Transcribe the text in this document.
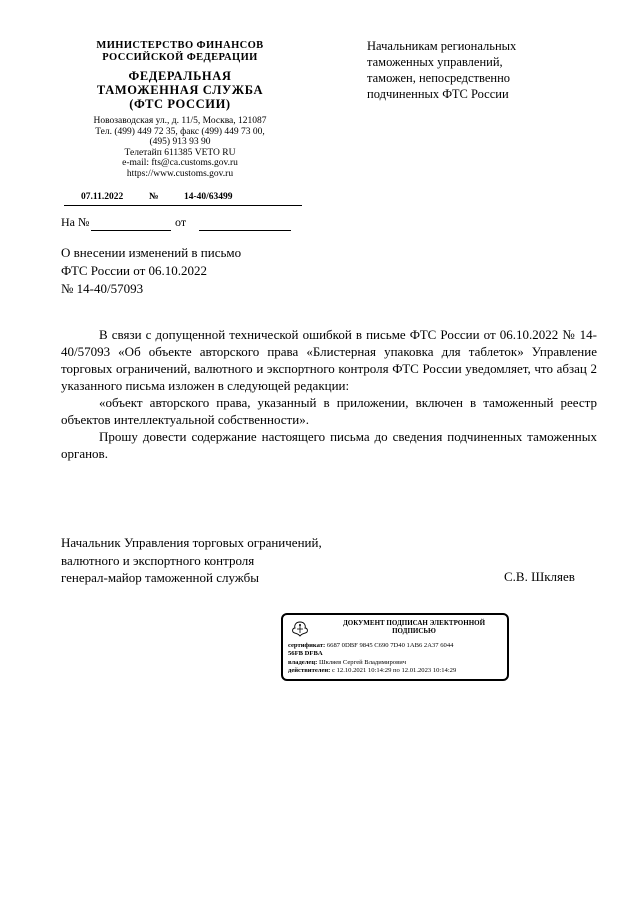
МИНИСТЕРСТВО ФИНАНСОВ
РОССИЙСКОЙ ФЕДЕРАЦИИ
ФЕДЕРАЛЬНАЯ
ТАМОЖЕННАЯ СЛУЖБА
(ФТС РОССИИ)
Новозаводская ул., д. 11/5, Москва, 121087
Тел. (499) 449 72 35, факс (499) 449 73 00,
(495) 913 93 90
Телетайп 611385 VETO RU
e-mail: fts@ca.customs.gov.ru
https://www.customs.gov.ru
07.11.2022	№	14-40/63499
На №	от
Начальникам региональных
таможенных управлений,
таможен, непосредственно
подчиненных ФТС России
О внесении изменений в письмо
ФТС России от 06.10.2022
№ 14-40/57093

В связи с допущенной технической ошибкой в письме ФТС России от 06.10.2022 № 14-40/57093 «Об объекте авторского права «Блистерная упаковка для таблеток» Управление торговых ограничений, валютного и экспортного контроля ФТС России уведомляет, что абзац 2 указанного письма изложен в следующей редакции:

«объект авторского права, указанный в приложении, включен в таможенный реестр объектов интеллектуальной собственности».

Прошу довести содержание настоящего письма до сведения подчиненных таможенных органов.

Начальник Управления торговых ограничений,
валютного и экспортного контроля
генерал-майор таможенной службы	С.В. Шкляев
ДОКУМЕНТ ПОДПИСАН ЭЛЕКТРОННОЙ
ПОДПИСЬЮ
сертификат: 6687 0DBF 9845 C690 7D40 1AB6 2A37 6044
56FB DFBA
владелец: Шкляев Сергей Владимирович
действителен: с 12.10.2021 10:14:29 по 12.01.2023 10:14:29
